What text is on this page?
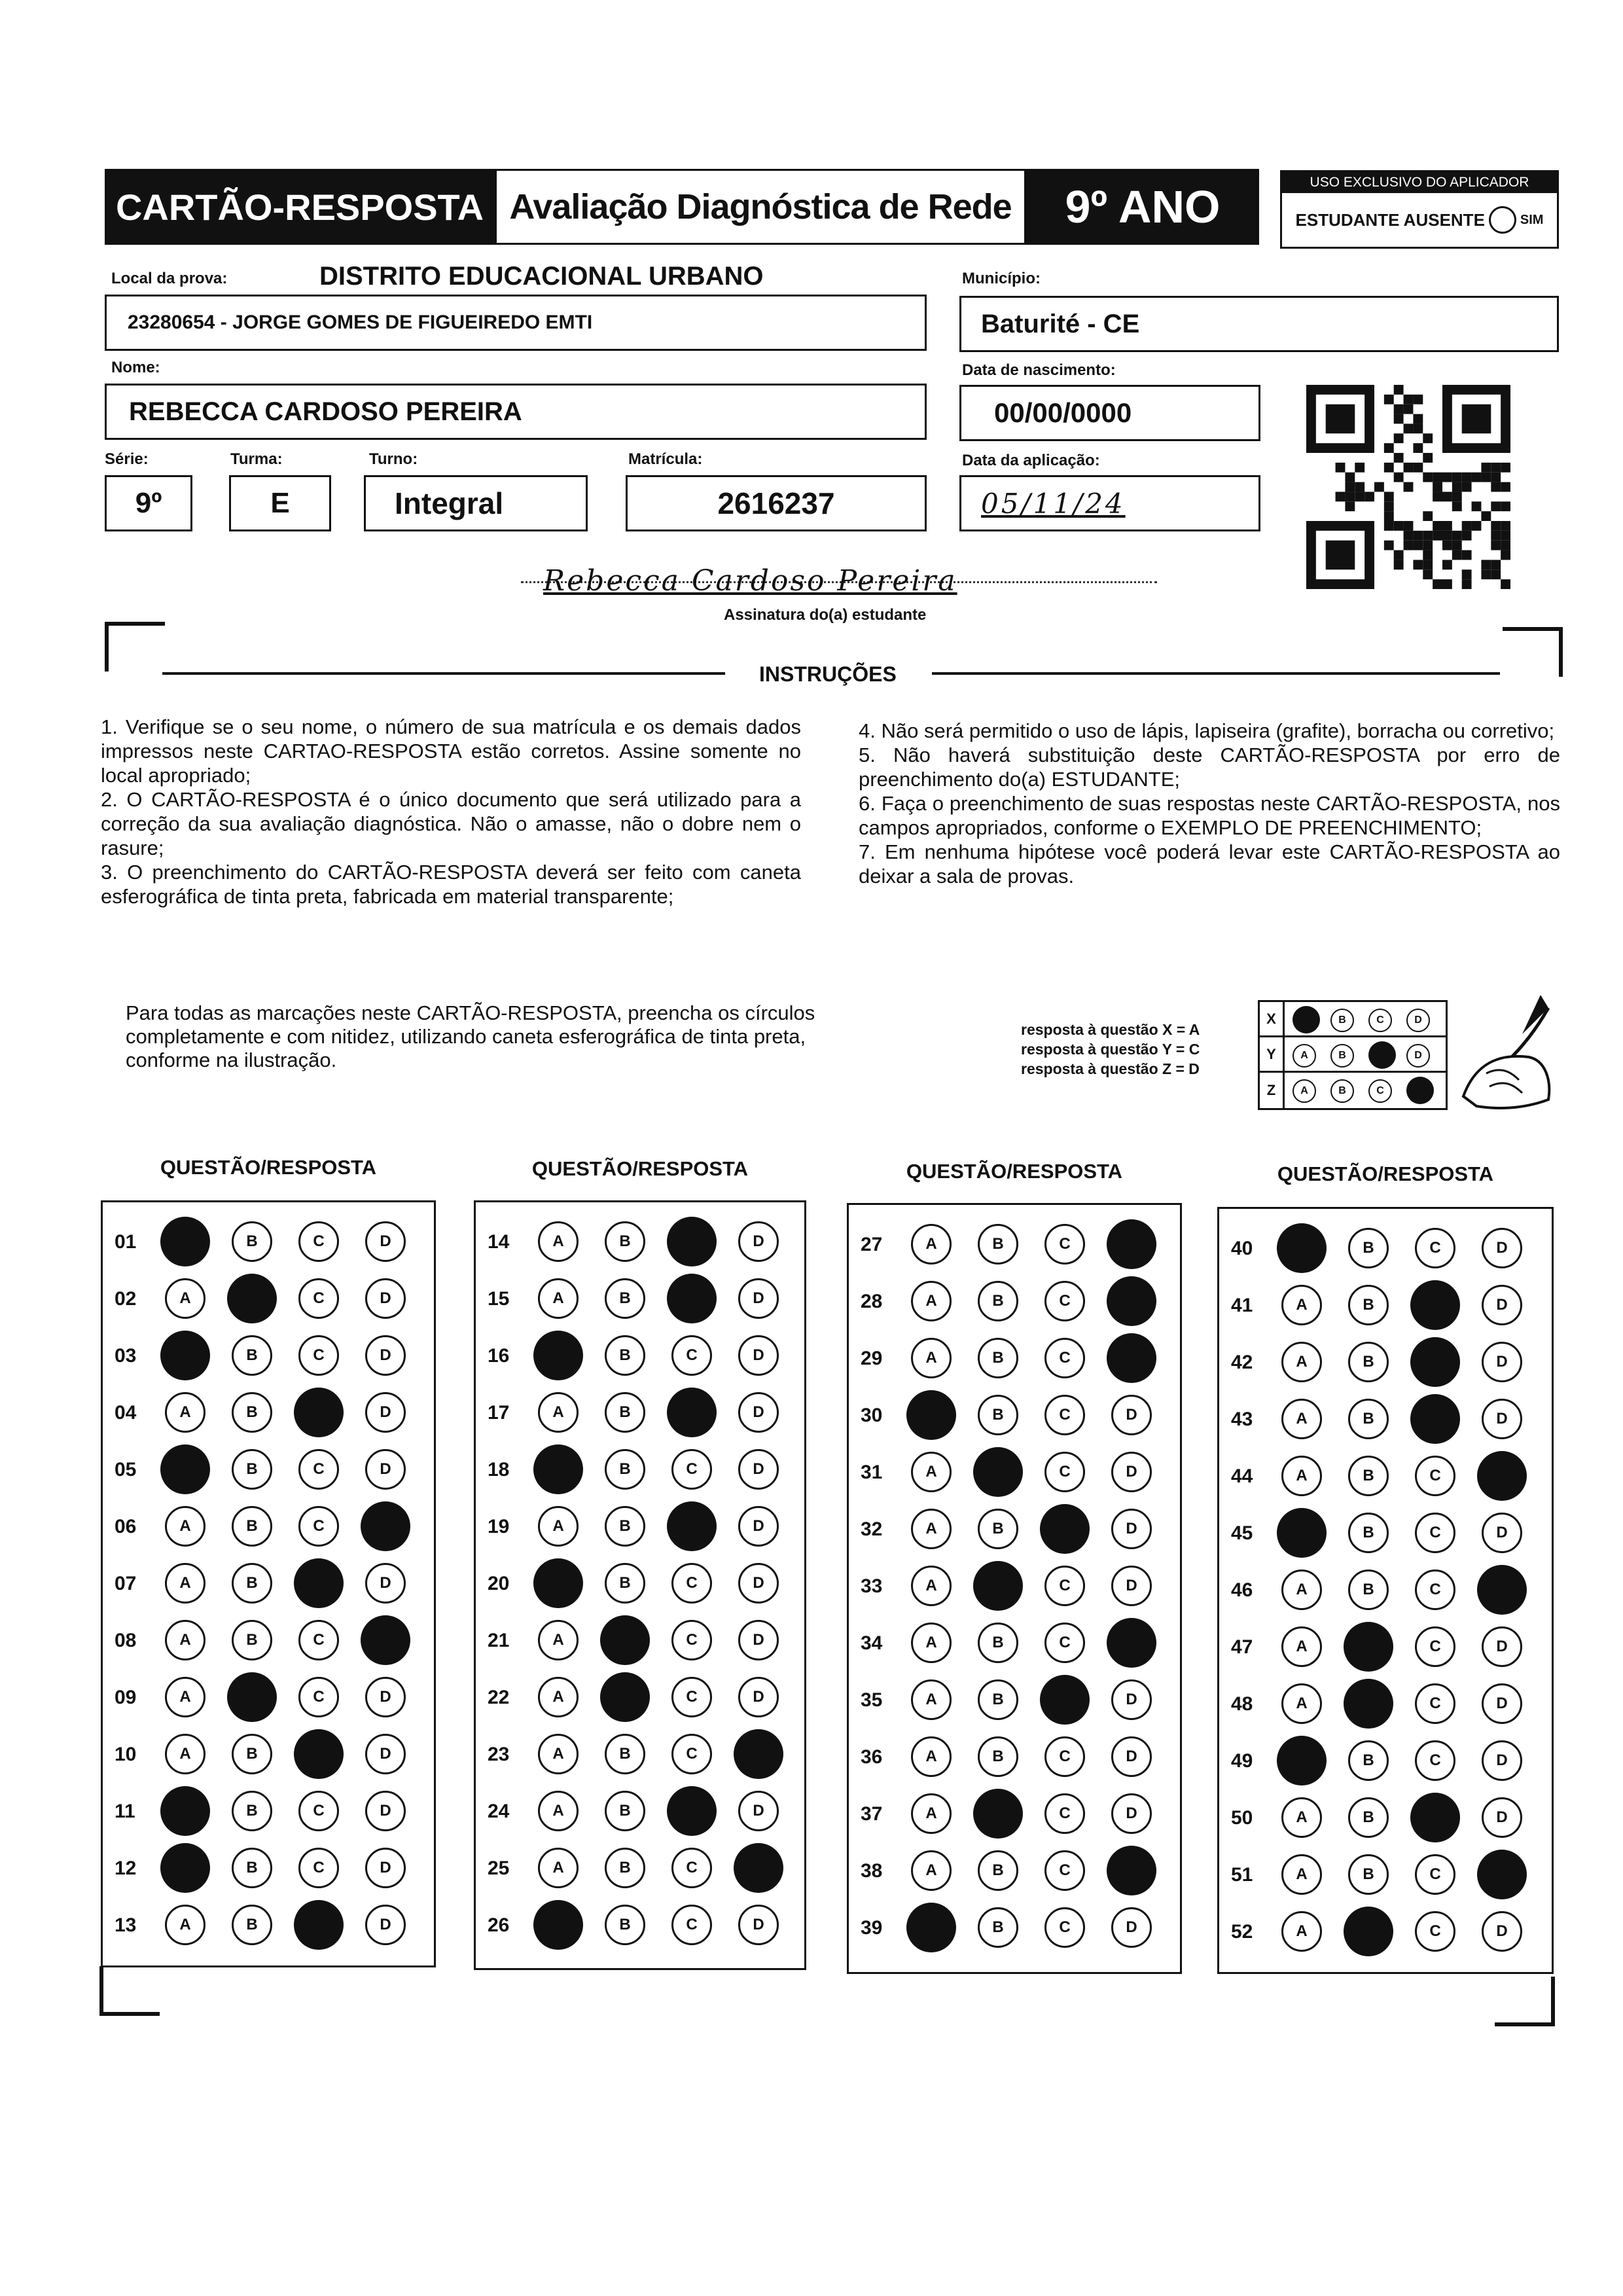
CARTÃO-RESPOSTA Avaliação Diagnóstica de Rede	9º ANO	USO EXCLUSIVO DO APLICADOR
ESTUDANTE AUSENTE	SIM
Local da prova:	DISTRITO EDUCACIONAL URBANO
23280654 - JORGE GOMES DE FIGUEIREDO EMTI
Município:
Baturité - CE
Nome:
REBECCA CARDOSO PEREIRA
Data de nascimento:
00/00/0000
Série:
9º
Turma:
E
Turno:
Integral
Matrícula:
2616237
Data da aplicação:
05/11/24
Rebecca Cardoso Pereira
Assinatura do(a) estudante
INSTRUÇÕES

1. Verifique se o seu nome, o número de sua matrícula e os demais dados impressos neste CARTAO-RESPOSTA estão corretos. Assine somente no local apropriado;

2. O CARTÃO-RESPOSTA é o único documento que será utilizado para a correção da sua avaliação diagnóstica. Não o amasse, não o dobre nem o rasure;

3. O preenchimento do CARTÃO-RESPOSTA deverá ser feito com caneta esferográfica de tinta preta, fabricada em material transparente;

4. Não será permitido o uso de lápis, lapiseira (grafite), borracha ou corretivo;

5. Não haverá substituição deste CARTÃO-RESPOSTA por erro de preenchimento do(a) ESTUDANTE;

6. Faça o preenchimento de suas respostas neste CARTÃO-RESPOSTA, nos campos apropriados, conforme o EXEMPLO DE PREENCHIMENTO;

7. Em nenhuma hipótese você poderá levar este CARTÃO-RESPOSTA ao deixar a sala de provas.

Para todas as marcações neste CARTÃO-RESPOSTA, preencha os círculos completamente e com nitidez, utilizando caneta esferográfica de tinta preta, conforme na ilustração.
resposta à questão X = A
resposta à questão Y = C
resposta à questão Z = D
X	B	C	D
Y	A	B	D
Z	A	B	C
QUESTÃO/RESPOSTA
01	B	C	D
02	A	C	D
03	B	C	D
04	A	B	D
05	B	C	D
06	A	B	C
07	A	B	D
08	A	B	C
09	A	C	D
10	A	B	D
11	B	C	D
12	B	C	D
13	A	B	D
QUESTÃO/RESPOSTA
14	A	B	D
15	A	B	D
16	B	C	D
17	A	B	D
18	B	C	D
19	A	B	D
20	B	C	D
21	A	C	D
22	A	C	D
23	A	B	C
24	A	B	D
25	A	B	C
26	B	C	D
QUESTÃO/RESPOSTA
27	A	B	C
28	A	B	C
29	A	B	C
30	B	C	D
31	A	C	D
32	A	B	D
33	A	C	D
34	A	B	C
35	A	B	D
36	A	B	C	D
37	A	C	D
38	A	B	C
39	B	C	D
QUESTÃO/RESPOSTA
40	B	C	D
41	A	B	D
42	A	B	D
43	A	B	D
44	A	B	C
45	B	C	D
46	A	B	C
47	A	C	D
48	A	C	D
49	B	C	D
50	A	B	D
51	A	B	C
52	A	C	D
